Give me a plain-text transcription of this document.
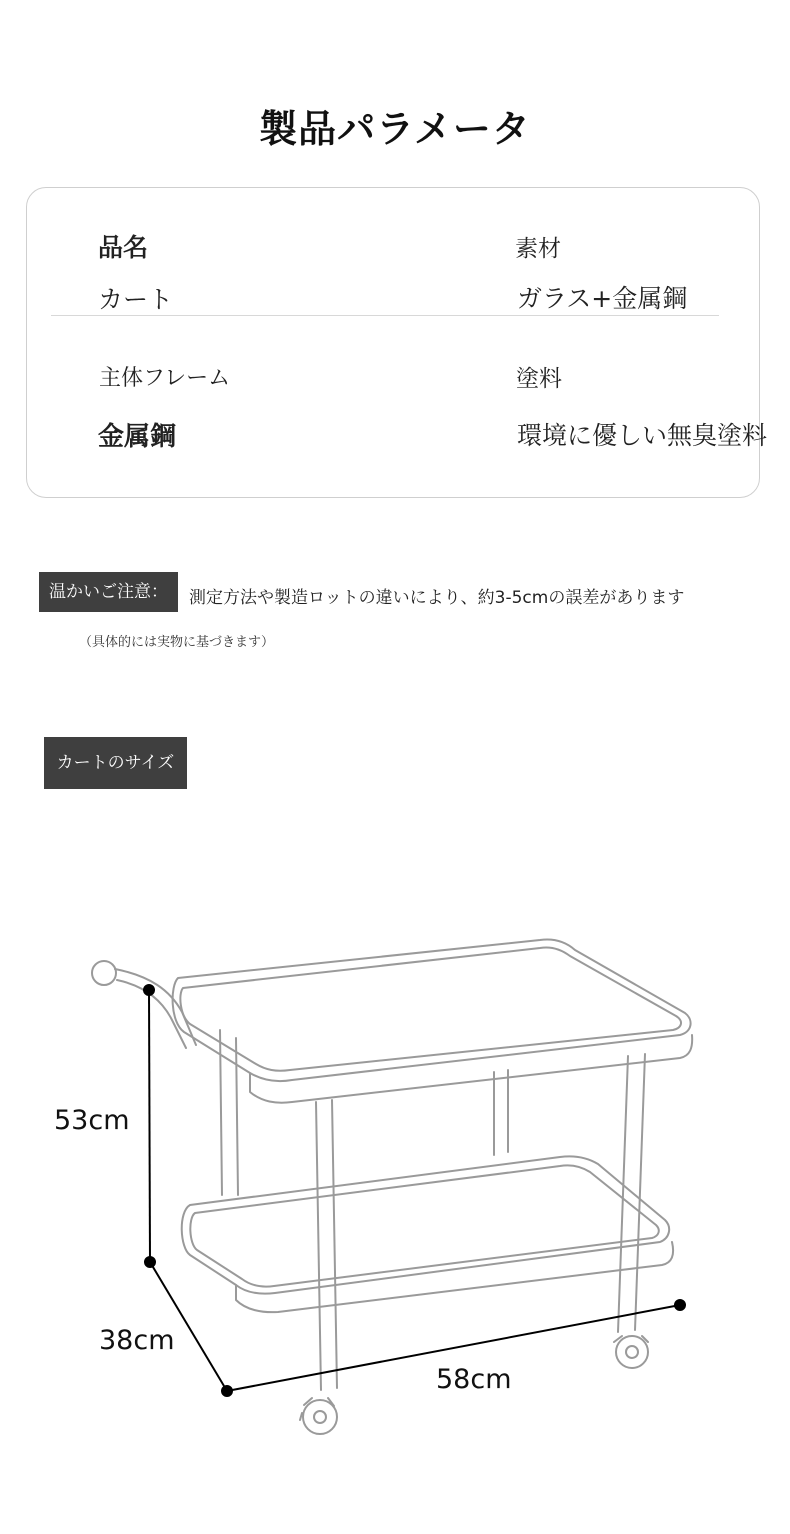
製品パラメータ
品名
カート
素材
ガラス+金属鋼
主体フレーム
金属鋼
塗料
環境に優しい無臭塗料
温かいご注意：	測定方法や製造ロットの違いにより、約3-5cmの誤差があります
（具体的には実物に基づきます）
カートのサイズ
53cm
38cm
58cm
